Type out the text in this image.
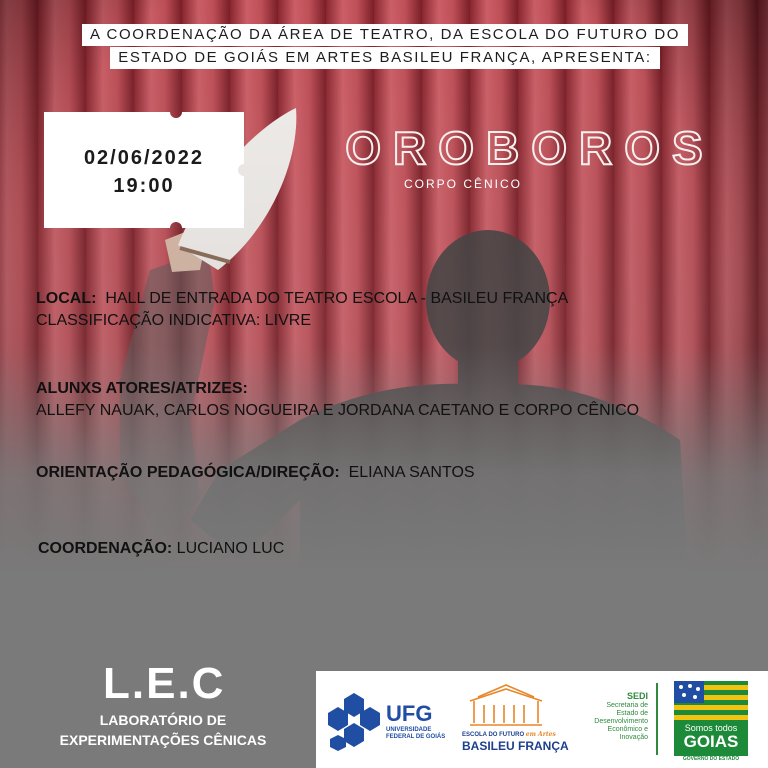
A COORDENAÇÃO DA ÁREA DE TEATRO, DA ESCOLA DO FUTURO DO
ESTADO DE GOIÁS EM ARTES BASILEU FRANÇA, APRESENTA:
02/06/2022
19:00
OROBOROS
CORPO CÊNICO
LOCAL: HALL DE ENTRADA DO TEATRO ESCOLA - BASILEU FRANÇA
CLASSIFICAÇÃO INDICATIVA: LIVRE
ALUNXS ATORES/ATRIZES:
ALLEFY NAUAK, CARLOS NOGUEIRA E JORDANA CAETANO E CORPO CÊNICO
ORIENTAÇÃO PEDAGÓGICA/DIREÇÃO: ELIANA SANTOS
COORDENAÇÃO: LUCIANO LUC
L.E.C
LABORATÓRIO DE
EXPERIMENTAÇÕES CÊNICAS
UFG
UNIVERSIDADE
FEDERAL DE GOIÁS	ESCOLA DO FUTURO em Artes
BASILEU FRANÇA
SEDI
Secretaria de
Estado de
Desenvolvimento
Econômico e
Inovação
Somos todos
GOIAS
GOVERNO DO ESTADO
